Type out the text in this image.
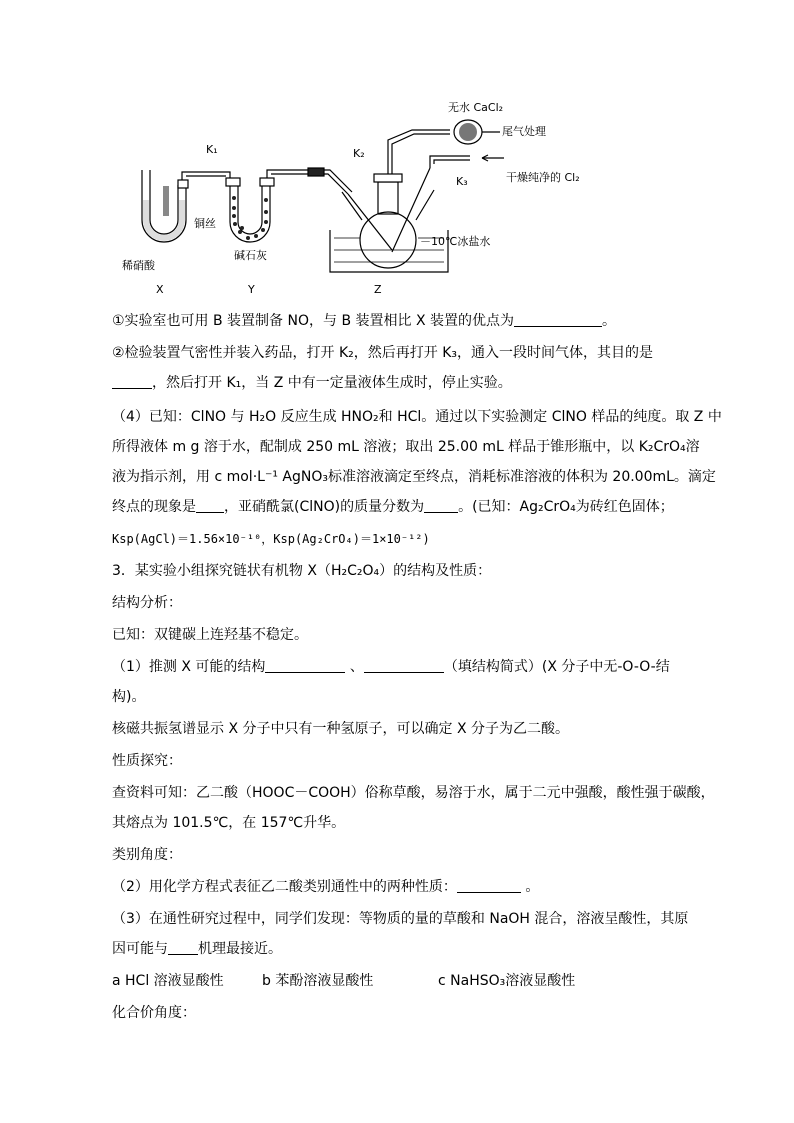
无水 CaCl₂
尾气处理
K₁	K₂
K₃	干燥纯净的 Cl₂
铜丝
稀硝酸
碱石灰
－10℃冰盐水
X	Y	Z
①实验室也可用 B 装置制备 NO，与 B 装置相比 X 装置的优点为	。
②检验装置气密性并装入药品，打开 K₂，然后再打开 K₃，通入一段时间气体，其目的是
，然后打开 K₁，当 Z 中有一定量液体生成时，停止实验。
（4）已知：ClNO 与 H₂O 反应生成 HNO₂和 HCl。通过以下实验测定 ClNO 样品的纯度。取 Z 中
所得液体 m g 溶于水，配制成 250 mL 溶液；取出 25.00 mL 样品于锥形瓶中，以 K₂CrO₄溶
液为指示剂，用 c mol·L⁻¹ AgNO₃标准溶液滴定至终点，消耗标准溶液的体积为 20.00mL。滴定
终点的现象是 ，亚硝酰氯(ClNO)的质量分数为 。(已知：Ag₂CrO₄为砖红色固体；
Ksp(AgCl)＝1.56×10⁻¹⁰，Ksp(Ag₂CrO₄)＝1×10⁻¹²)
3．某实验小组探究链状有机物 X（H₂C₂O₄）的结构及性质：
结构分析：
已知：双键碳上连羟基不稳定。
（1）推测 X 可能的结构	、	（填结构简式）(X 分子中无-O-O-结
构)。
核磁共振氢谱显示 X 分子中只有一种氢原子，可以确定 X 分子为乙二酸。
性质探究：
查资料可知：乙二酸（HOOC－COOH）俗称草酸，易溶于水，属于二元中强酸，酸性强于碳酸，
其熔点为 101.5℃，在 157℃升华。
类别角度：
（2）用化学方程式表征乙二酸类别通性中的两种性质：	。
（3）在通性研究过程中，同学们发现：等物质的量的草酸和 NaOH 混合，溶液呈酸性，其原
因可能与 机理最接近。
a HCl 溶液显酸性	b 苯酚溶液显酸性	c NaHSO₃溶液显酸性
化合价角度：
